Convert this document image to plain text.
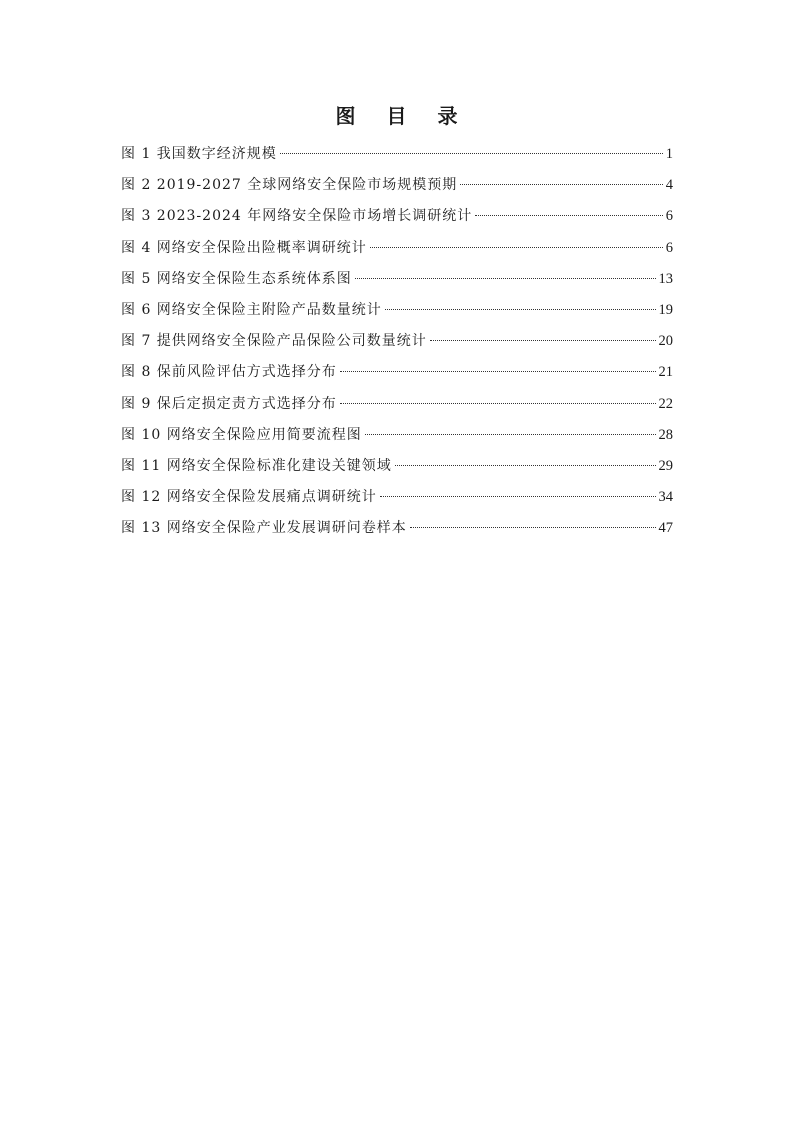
图 目 录
图 1 我国数字经济规模	1
图 2 2019-2027 全球网络安全保险市场规模预期	4
图 3 2023-2024 年网络安全保险市场增长调研统计	6
图 4 网络安全保险出险概率调研统计	6
图 5 网络安全保险生态系统体系图	13
图 6 网络安全保险主附险产品数量统计	19
图 7 提供网络安全保险产品保险公司数量统计	20
图 8 保前风险评估方式选择分布	21
图 9 保后定损定责方式选择分布	22
图 10 网络安全保险应用简要流程图	28
图 11 网络安全保险标准化建设关键领域	29
图 12 网络安全保险发展痛点调研统计	34
图 13 网络安全保险产业发展调研问卷样本	47
